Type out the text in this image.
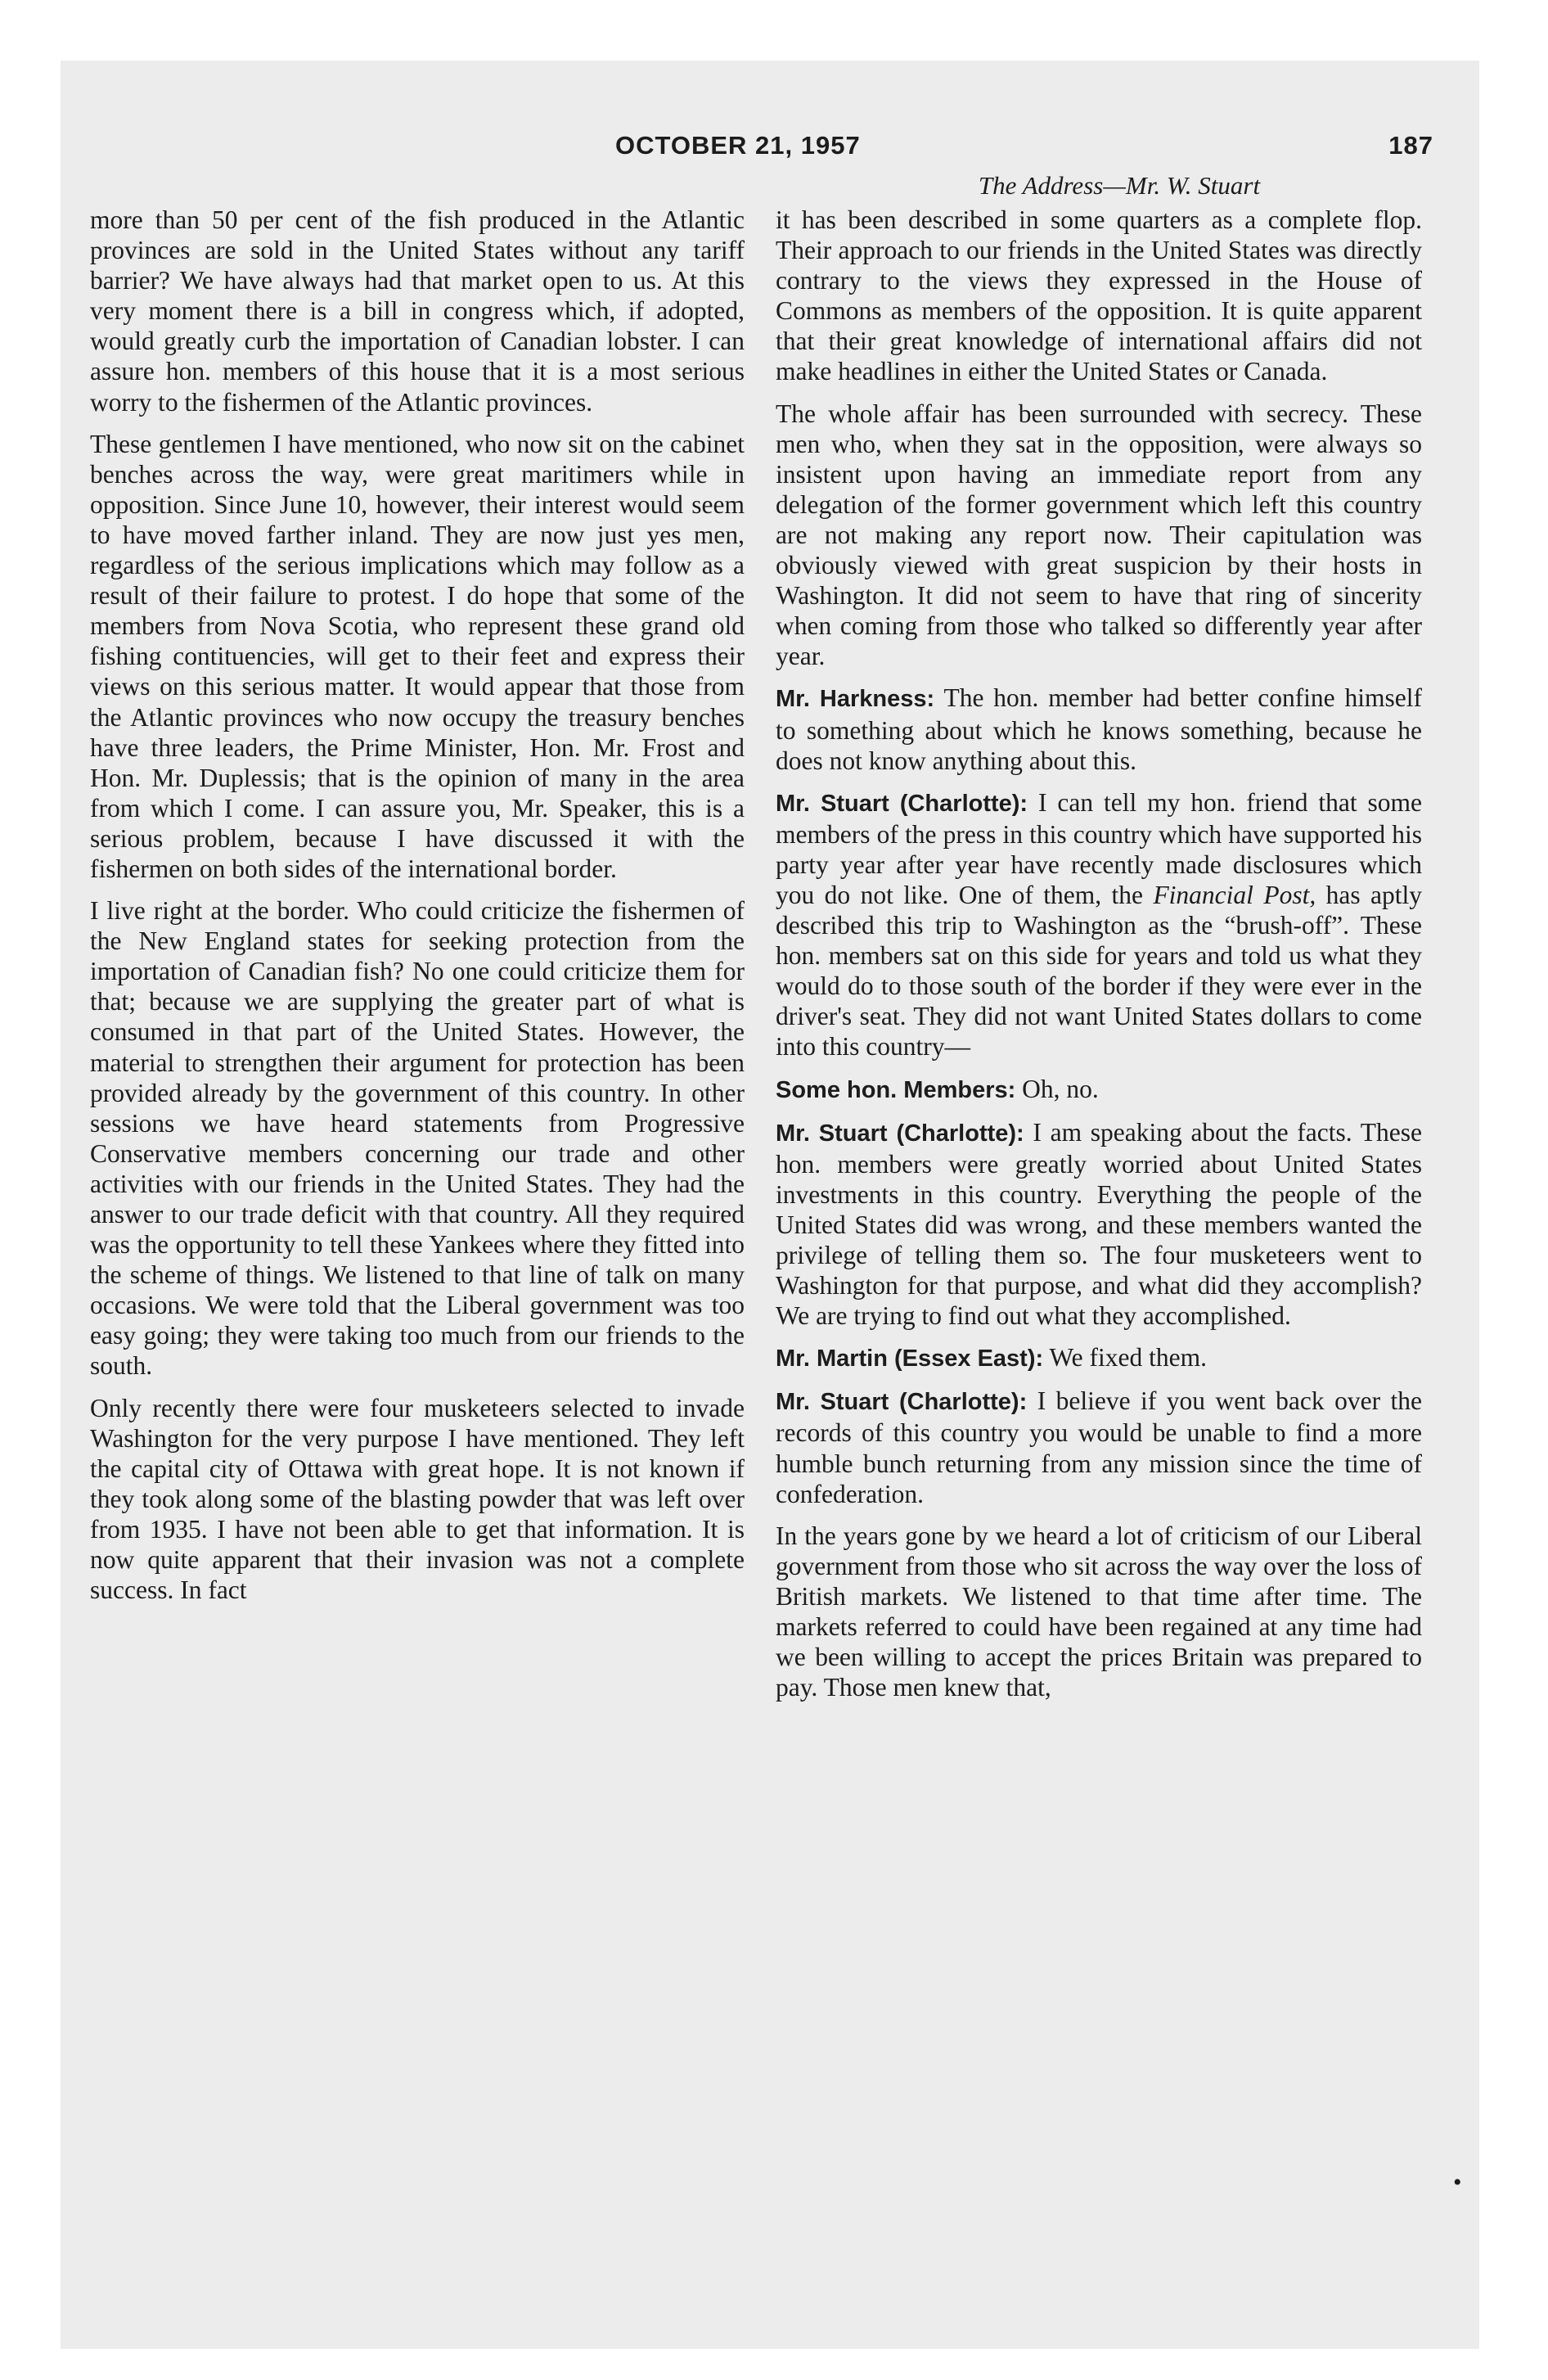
OCTOBER 21, 1957	187
The Address—Mr. W. Stuart

more than 50 per cent of the fish produced in the Atlantic provinces are sold in the United States without any tariff barrier? We have always had that market open to us. At this very moment there is a bill in congress which, if adopted, would greatly curb the importation of Canadian lobster. I can assure hon. members of this house that it is a most serious worry to the fishermen of the Atlantic provinces.

These gentlemen I have mentioned, who now sit on the cabinet benches across the way, were great maritimers while in opposition. Since June 10, however, their interest would seem to have moved farther inland. They are now just yes men, regardless of the serious implications which may follow as a result of their failure to protest. I do hope that some of the members from Nova Scotia, who represent these grand old fishing contituencies, will get to their feet and express their views on this serious matter. It would appear that those from the Atlantic provinces who now occupy the treasury benches have three leaders, the Prime Minister, Hon. Mr. Frost and Hon. Mr. Duplessis; that is the opinion of many in the area from which I come. I can assure you, Mr. Speaker, this is a serious problem, because I have discussed it with the fishermen on both sides of the international border.

I live right at the border. Who could criticize the fishermen of the New England states for seeking protection from the importation of Canadian fish? No one could criticize them for that; because we are supplying the greater part of what is consumed in that part of the United States. However, the material to strengthen their argument for protection has been provided already by the government of this country. In other sessions we have heard statements from Progressive Conservative members concerning our trade and other activities with our friends in the United States. They had the answer to our trade deficit with that country. All they required was the opportunity to tell these Yankees where they fitted into the scheme of things. We listened to that line of talk on many occasions. We were told that the Liberal government was too easy going; they were taking too much from our friends to the south.

Only recently there were four musketeers selected to invade Washington for the very purpose I have mentioned. They left the capital city of Ottawa with great hope. It is not known if they took along some of the blasting powder that was left over from 1935. I have not been able to get that information. It is now quite apparent that their invasion was not a complete success. In fact

it has been described in some quarters as a complete flop. Their approach to our friends in the United States was directly contrary to the views they expressed in the House of Commons as members of the opposition. It is quite apparent that their great knowledge of international affairs did not make headlines in either the United States or Canada.

The whole affair has been surrounded with secrecy. These men who, when they sat in the opposition, were always so insistent upon having an immediate report from any delegation of the former government which left this country are not making any report now. Their capitulation was obviously viewed with great suspicion by their hosts in Washington. It did not seem to have that ring of sincerity when coming from those who talked so differently year after year.

Mr. Harkness: The hon. member had better confine himself to something about which he knows something, because he does not know anything about this.

Mr. Stuart (Charlotte): I can tell my hon. friend that some members of the press in this country which have supported his party year after year have recently made disclosures which you do not like. One of them, the Financial Post, has aptly described this trip to Washington as the “brush-off”. These hon. members sat on this side for years and told us what they would do to those south of the border if they were ever in the driver's seat. They did not want United States dollars to come into this country—

Some hon. Members: Oh, no.

Mr. Stuart (Charlotte): I am speaking about the facts. These hon. members were greatly worried about United States investments in this country. Everything the people of the United States did was wrong, and these members wanted the privilege of telling them so. The four musketeers went to Washington for that purpose, and what did they accomplish? We are trying to find out what they accomplished.

Mr. Martin (Essex East): We fixed them.

Mr. Stuart (Charlotte): I believe if you went back over the records of this country you would be unable to find a more humble bunch returning from any mission since the time of confederation.

In the years gone by we heard a lot of criticism of our Liberal government from those who sit across the way over the loss of British markets. We listened to that time after time. The markets referred to could have been regained at any time had we been willing to accept the prices Britain was prepared to pay. Those men knew that,

•
